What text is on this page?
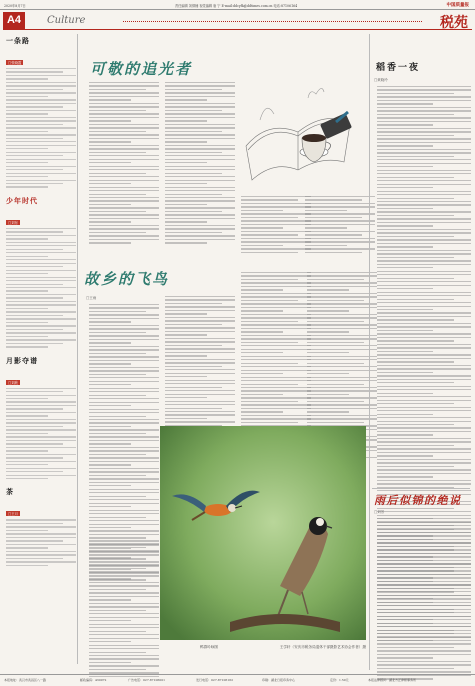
2020年8月7日	责任编辑 刘倩楠 视觉编辑 唐 宁 E-mail:ddcyfk@ddtimes.com.cn 电话:87106164	中国质量报
A4	Culture	税苑
一条路
□张晓霞
少年时代
□刘东
月影夺谱
□刘欣
茶
□王月
可敬的追光者
故乡的飞鸟
□王雨
鸭群吟咏图	王学轩（安庆市税务局退休干部摄影艺术协会作者）摄
稻香一夜
□黄晓玲
雨后似锦的绝说
□刘芳
本报地址：武汉市武昌区八一路	邮政编码：430072	广告电话：027-87106001	发行电话：027-87106162	印刷：湖北日报印务中心	定价：1.50元	本报法律顾问：湖北方正律师事务所
